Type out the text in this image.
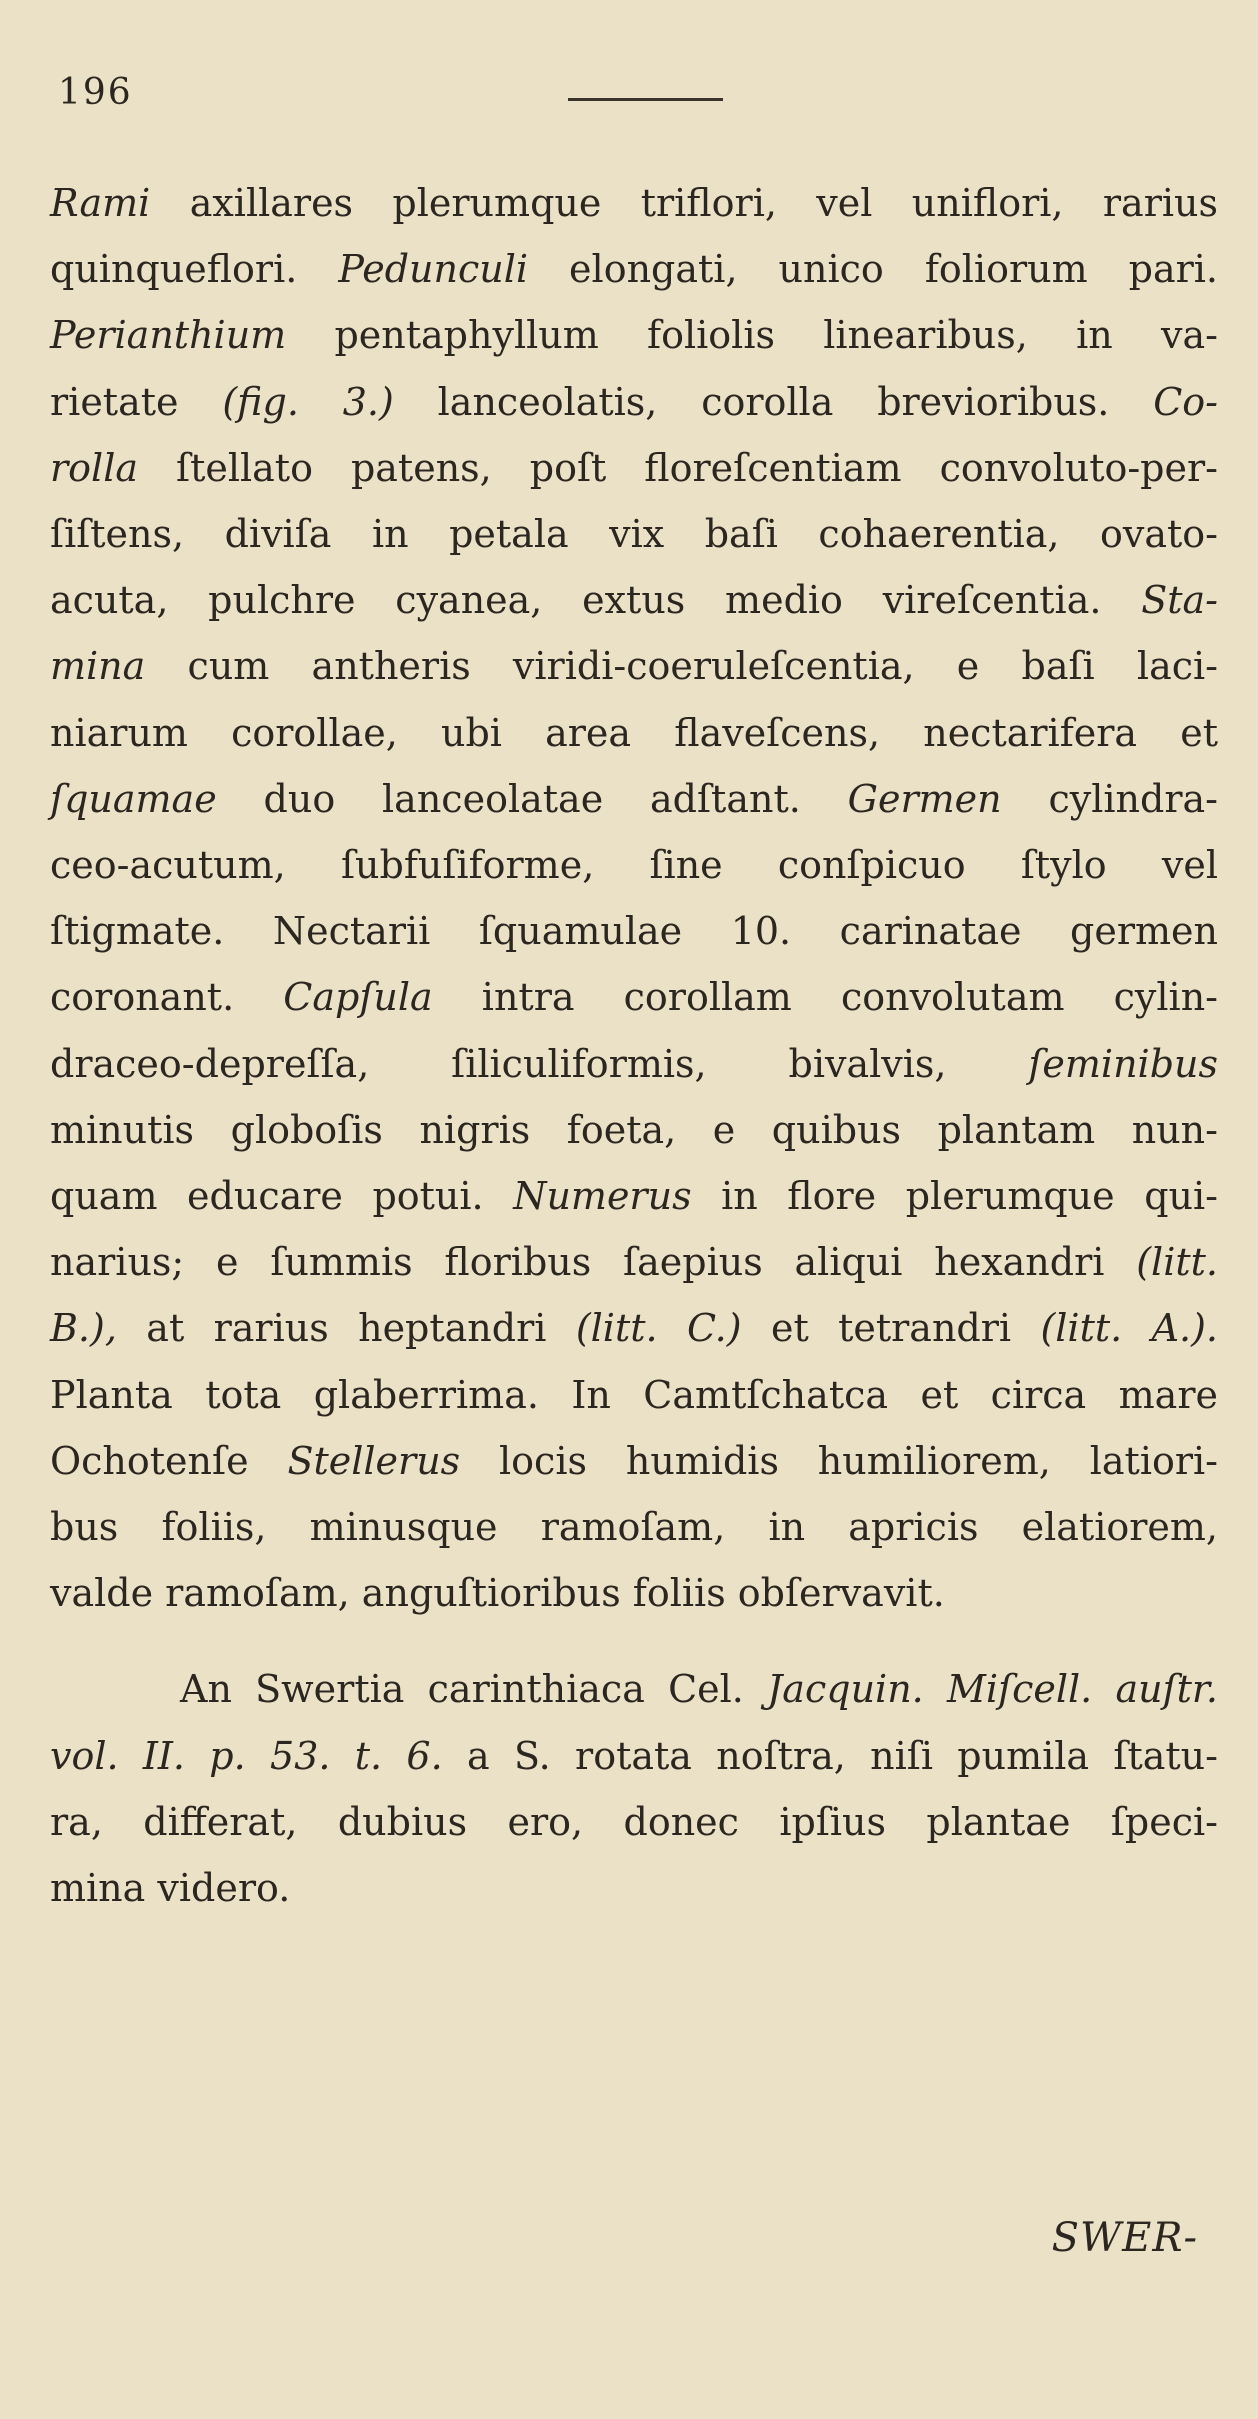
196
Rami axillares plerumque triflori, vel uniflori, rarius
quinqueflori. Pedunculi elongati, unico foliorum pari.
Perianthium pentaphyllum foliolis linearibus, in va-
rietate (fig. 3.) lanceolatis, corolla brevioribus. Co-
rolla ſtellato patens, poſt floreſcentiam convoluto-per-
ſiſtens, diviſa in petala vix baſi cohaerentia, ovato-
acuta, pulchre cyanea, extus medio vireſcentia. Sta-
mina cum antheris viridi-coeruleſcentia, e baſi laci-
niarum corollae, ubi area flaveſcens, nectarifera et
ſquamae duo lanceolatae adſtant. Germen cylindra-
ceo-acutum, ſubfuſiforme, ſine conſpicuo ſtylo vel
ſtigmate. Nectarii ſquamulae 10. carinatae germen
coronant. Capſula intra corollam convolutam cylin-
draceo-depreſſa, ſiliculiformis, bivalvis, ſeminibus
minutis globoſis nigris foeta, e quibus plantam nun-
quam educare potui. Numerus in flore plerumque qui-
narius; e ſummis floribus ſaepius aliqui hexandri (litt.
B.), at rarius heptandri (litt. C.) et tetrandri (litt. A.).
Planta tota glaberrima. In Camtſchatca et circa mare
Ochotenſe Stellerus locis humidis humiliorem, latiori-
bus foliis, minusque ramoſam, in apricis elatiorem,
valde ramoſam, anguſtioribus foliis obſervavit.
An Swertia carinthiaca Cel. Jacquin. Miſcell. auſtr.
vol. II. p. 53. t. 6. a S. rotata noſtra, niſi pumila ſtatu-
ra, differat, dubius ero, donec ipſius plantae ſpeci-
mina videro.
SWER-
